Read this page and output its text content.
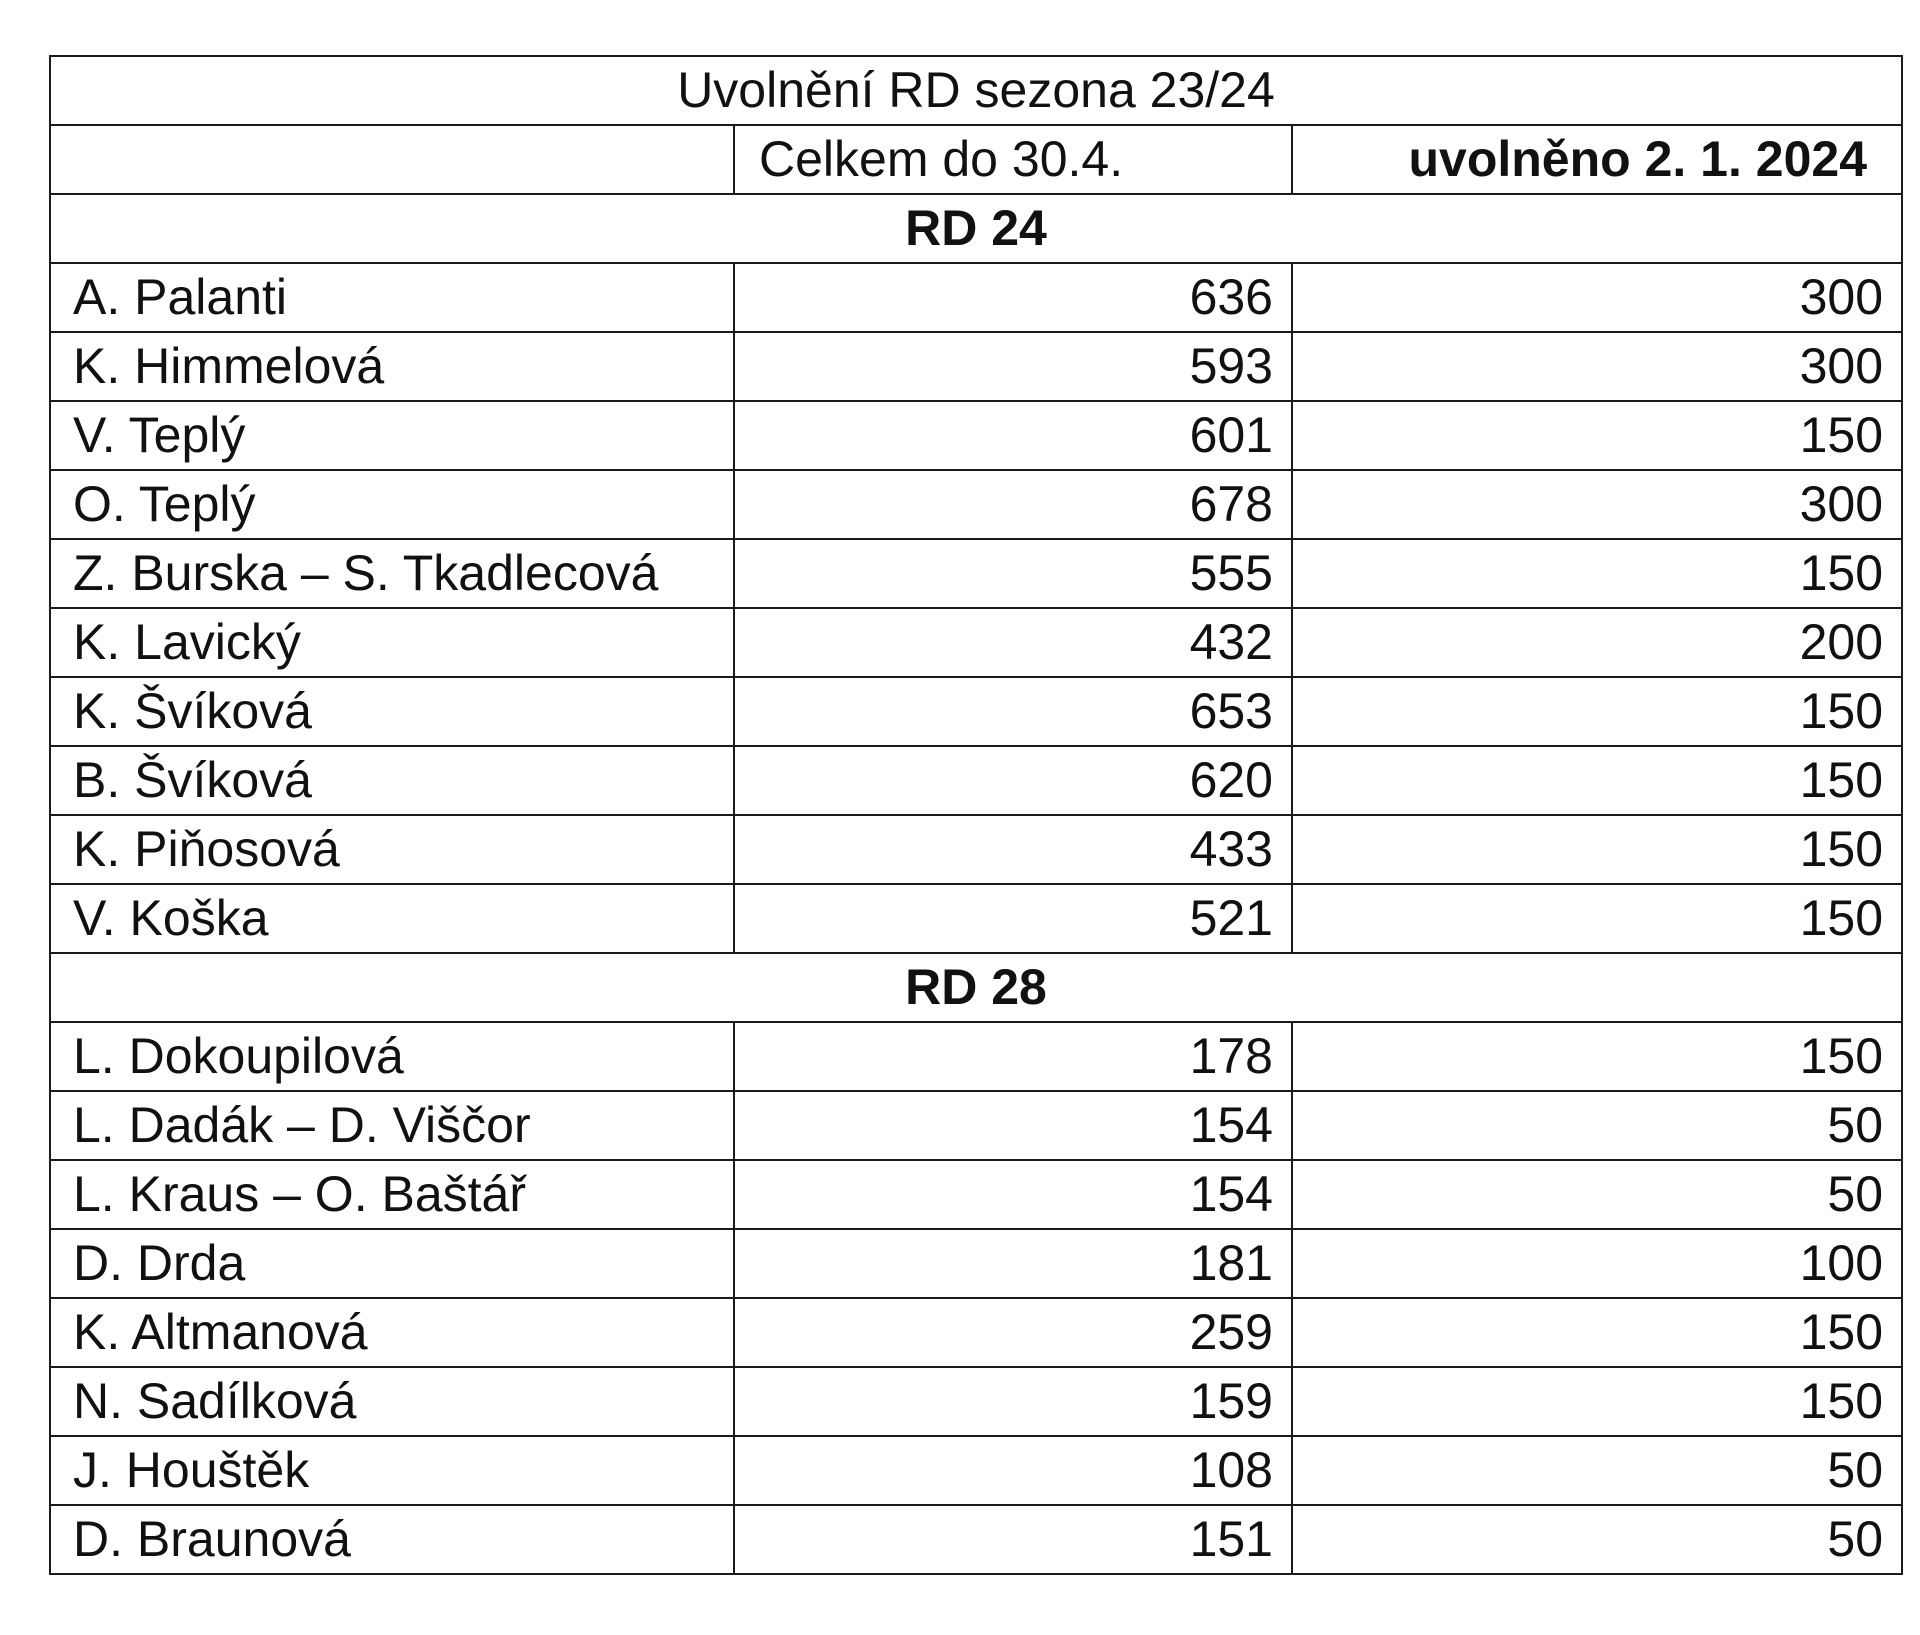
Uvolnění RD sezona 23/24		
	Celkem do 30.4.	uvolněno 2. 1. 2024
RD 24		
A. Palanti	636	300
K. Himmelová	593	300
V. Teplý	601	150
O. Teplý	678	300
Z. Burska – S. Tkadlecová	555	150
K. Lavický	432	200
K. Švíková	653	150
B. Švíková	620	150
K. Piňosová	433	150
V. Koška	521	150
RD 28		
L. Dokoupilová	178	150
L. Dadák – D. Viščor	154	50
L. Kraus – O. Baštář	154	50
D. Drda	181	100
K. Altmanová	259	150
N. Sadílková	159	150
J. Houštěk	108	50
D. Braunová	151	50
